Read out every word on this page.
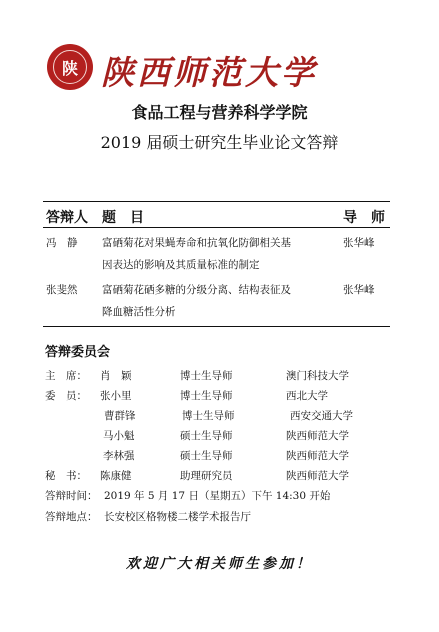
陕 陕西师范大学
食品工程与营养科学学院
2019 届硕士研究生毕业论文答辩
答辩人 题　目	导　师
冯　静 富硒菊花对果蝇寿命和抗氧化防御相关基
因表达的影响及其质量标准的制定
张华峰
张斐然 富硒菊花硒多糖的分级分离、结构表征及
降血糖活性分析
张华峰
答辩委员会
主　席： 肖　颖	博士生导师	澳门科技大学
委　员： 张小里	博士生导师	西北大学
曹群锋	博士生导师	西安交通大学
马小魁	硕士生导师	陕西师范大学
李林强	硕士生导师	陕西师范大学
秘　书： 陈康健	助理研究员	陕西师范大学
答辩时间： 2019 年 5 月 17 日（星期五）下午 14:30 开始
答辩地点： 长安校区格物楼二楼学术报告厅
欢迎广大相关师生参加！
